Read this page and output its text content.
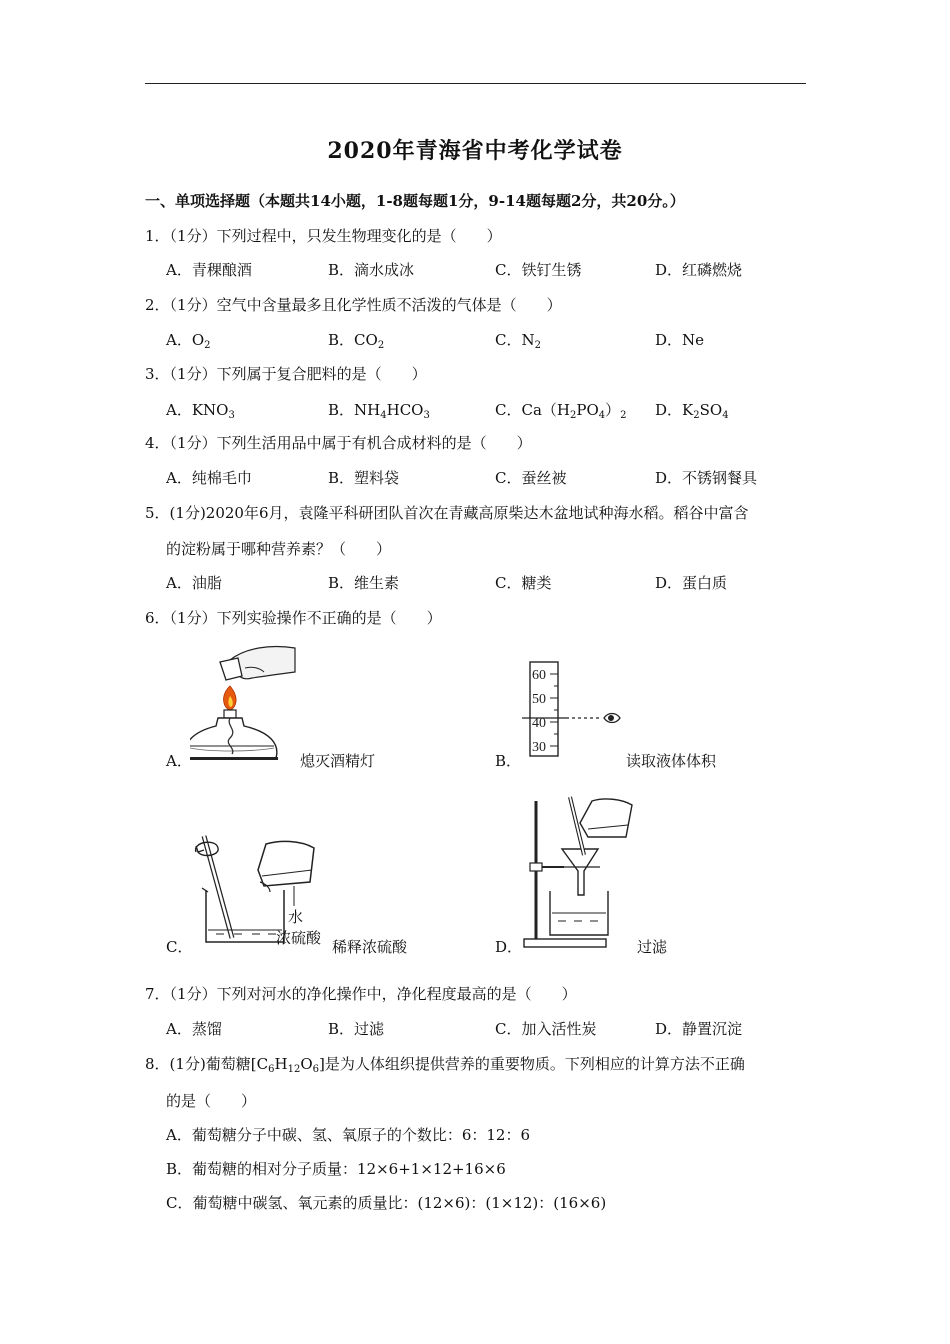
2020年青海省中考化学试卷
一、单项选择题（本题共14小题，1-8题每题1分，9-14题每题2分，共20分。）
1．（1分）下列过程中，只发生物理变化的是（　　）
A．青稞酿酒	B．滴水成冰	C．铁钉生锈	D．红磷燃烧
2．（1分）空气中含量最多且化学性质不活泼的气体是（　　）
A．$O_2$	B．$CO_2$	C．$N_2$	D．Ne
3．（1分）下列属于复合肥料的是（　　）
A．$KNO_3$	B．$NH_4HCO_3$	C．$Ca(H_2PO_4)_2$ D．$K_2SO_4$
4．（1分）下列生活用品中属于有机合成材料的是（　　）
A．纯棉毛巾	B．塑料袋	C．蚕丝被	D．不锈钢餐具
5．(1分)2020年6月，袁隆平科研团队首次在青藏高原柴达木盆地试种海水稻。稻谷中富含
的淀粉属于哪种营养素？（　　）
A．油脂	B．维生素	C．糖类	D．蛋白质
6．（1分）下列实验操作不正确的是（　　）
A．	熄灭酒精灯
60
50
40
30
B．	读取液体体积
水
浓硫酸
C．	稀释浓硫酸	D．	过滤
7．（1分）下列对河水的净化操作中，净化程度最高的是（　　）
A．蒸馏	B．过滤	C．加入活性炭	D．静置沉淀
8．(1分)葡萄糖$[C_6H_{12}O_6]$是为人体组织提供营养的重要物质。下列相应的计算方法不正确
的是（　　）
A．葡萄糖分子中碳、氢、氧原子的个数比：6：12：6
B．葡萄糖的相对分子质量：12×6+1×12+16×6
C．葡萄糖中碳氢、氧元素的质量比：(12×6)：(1×12)：(16×6)
